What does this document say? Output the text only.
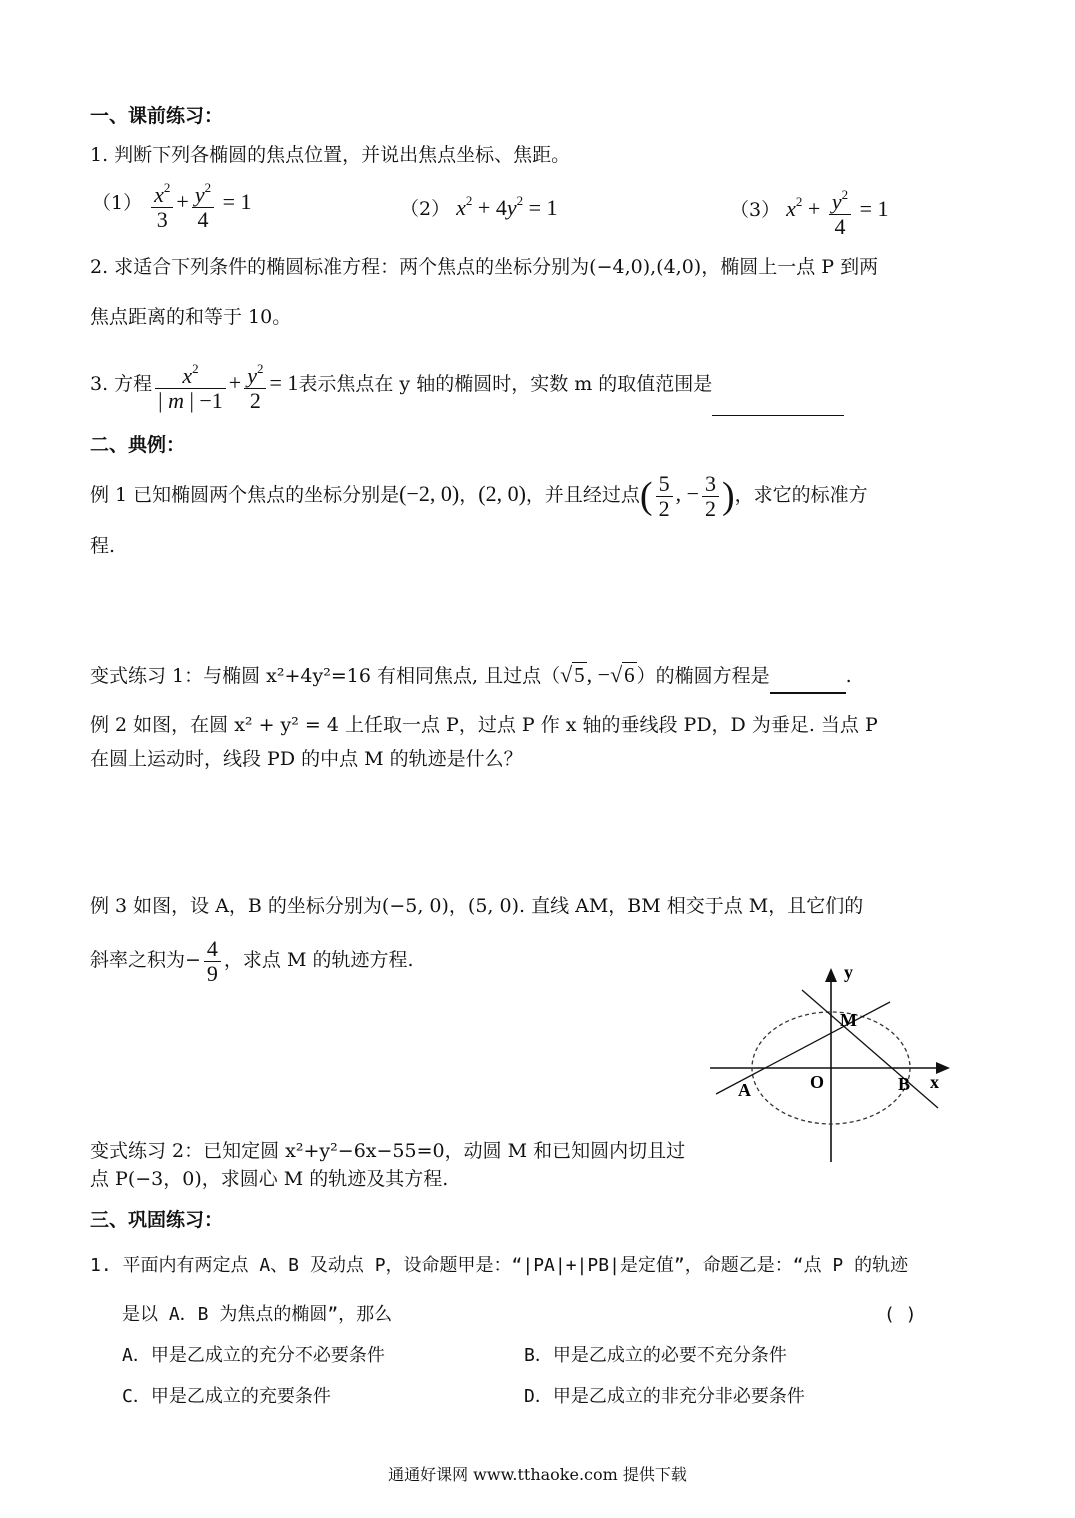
一、课前练习：
1. 判断下列各椭圆的焦点位置，并说出焦点坐标、焦距。
$(1) \frac{x^2}{3} + \frac{y^2}{4} = 1$	（2） $x^2 + 4y^2 = 1$	（3） $x^2 + \frac{y^2}{4} = 1$
2. 求适合下列条件的椭圆标准方程：两个焦点的坐标分别为(−4,0),(4,0)，椭圆上一点 P 到两
焦点距离的和等于 10。
3. 方程 $\frac{x^2}{| m | -1} + \frac{y^2}{2} = 1$表示焦点在 y 轴的椭圆时，实数 m 的取值范围是
二、典例：
例 1 已知椭圆两个焦点的坐标分别是(−2, 0)，(2, 0)，并且经过点( $\frac{5}{2}$ , − $\frac{3}{2}$ )，求它的标准方
程.
变式练习 1：与椭圆 x²+4y²=16 有相同焦点, 且过点（√5, −√6 ）的椭圆方程是	.
例 2 如图，在圆 x² + y² = 4 上任取一点 P，过点 P 作 x 轴的垂线段 PD，D 为垂足. 当点 P
在圆上运动时，线段 PD 的中点 M 的轨迹是什么？
例 3 如图，设 A，B 的坐标分别为(−5, 0)，(5, 0). 直线 AM，BM 相交于点 M，且它们的
斜率之积为− $\frac{4}{9}$ ，求点 M 的轨迹方程.
y
x
M
O
A	B
变式练习 2：已知定圆 x²+y²−6x−55=0，动圆 M 和已知圆内切且过
点 P(−3，0)，求圆心 M 的轨迹及其方程.
三、巩固练习：
1. 平面内有两定点 A、B 及动点 P，设命题甲是：“|PA|+|PB|是定值”，命题乙是：“点 P 的轨迹
是以 A．B 为焦点的椭圆”，那么	( )
A．甲是乙成立的充分不必要条件	B．甲是乙成立的必要不充分条件
C．甲是乙成立的充要条件	D．甲是乙成立的非充分非必要条件
通通好课网 www.tthaoke.com 提供下载
